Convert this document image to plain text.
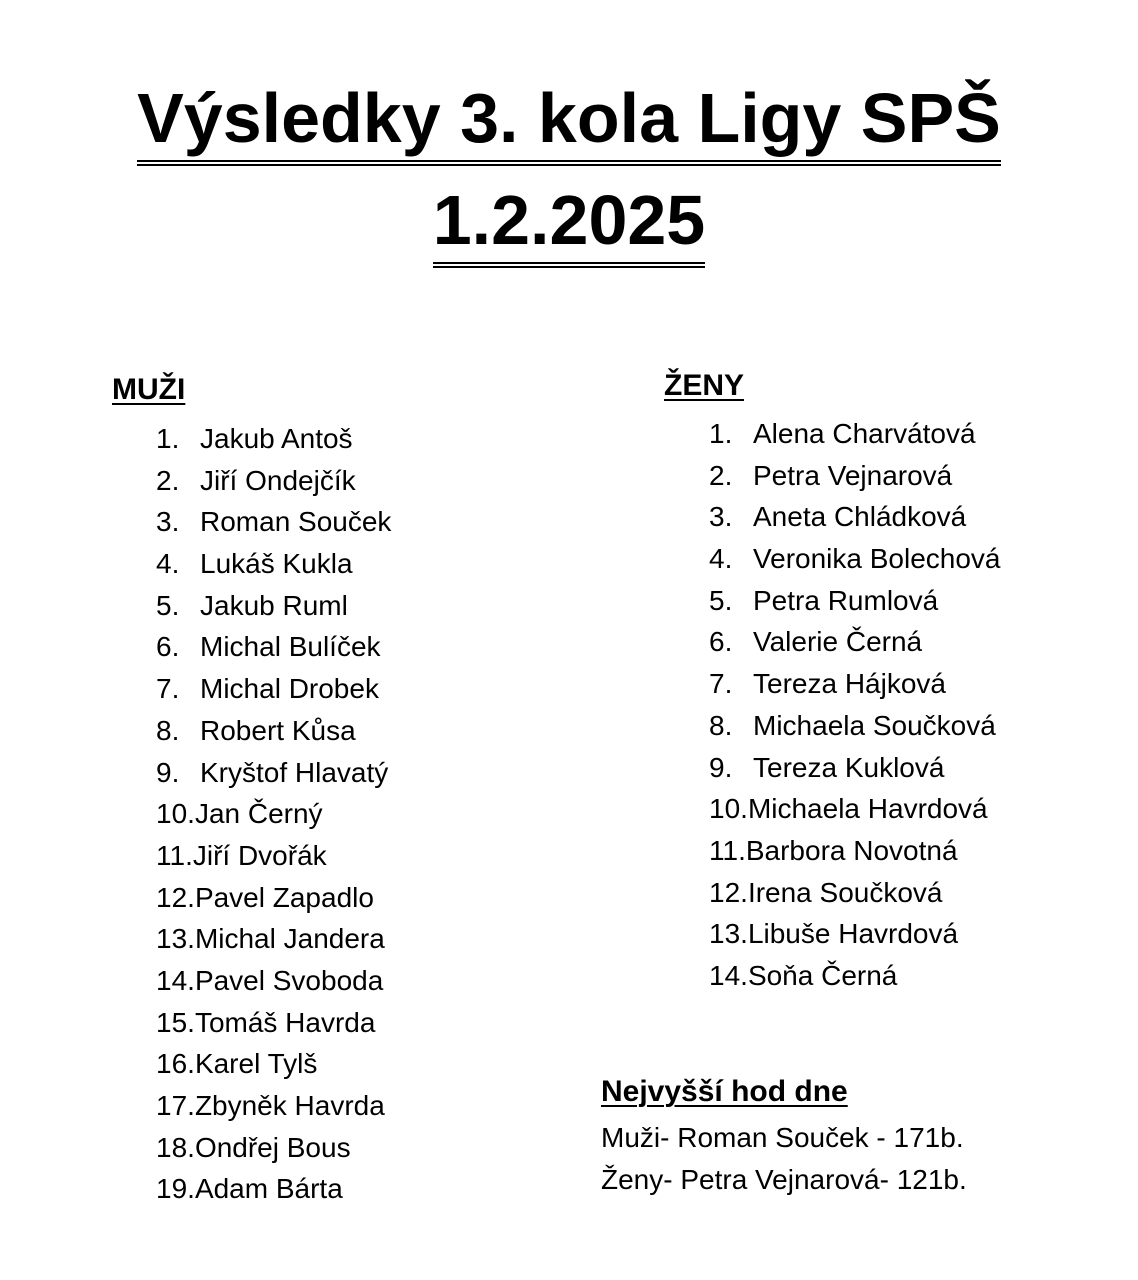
Výsledky 3. kola Ligy SPŠ
1.2.2025
MUŽI
1. Jakub Antoš
2. Jiří Ondejčík
3. Roman Souček
4. Lukáš Kukla
5. Jakub Ruml
6. Michal Bulíček
7. Michal Drobek
8. Robert Kůsa
9. Kryštof Hlavatý
10.Jan Černý
11.Jiří Dvořák
12.Pavel Zapadlo
13.Michal Jandera
14.Pavel Svoboda
15.Tomáš Havrda
16.Karel Tylš
17.Zbyněk Havrda
18.Ondřej Bous
19.Adam Bárta
ŽENY
1. Alena Charvátová
2. Petra Vejnarová
3. Aneta Chládková
4. Veronika Bolechová
5. Petra Rumlová
6. Valerie Černá
7. Tereza Hájková
8. Michaela Součková
9. Tereza Kuklová
10.Michaela Havrdová
11.Barbora Novotná
12.Irena Součková
13.Libuše Havrdová
14.Soňa Černá
Nejvyšší hod dne
Muži- Roman Souček - 171b.
Ženy- Petra Vejnarová- 121b.
